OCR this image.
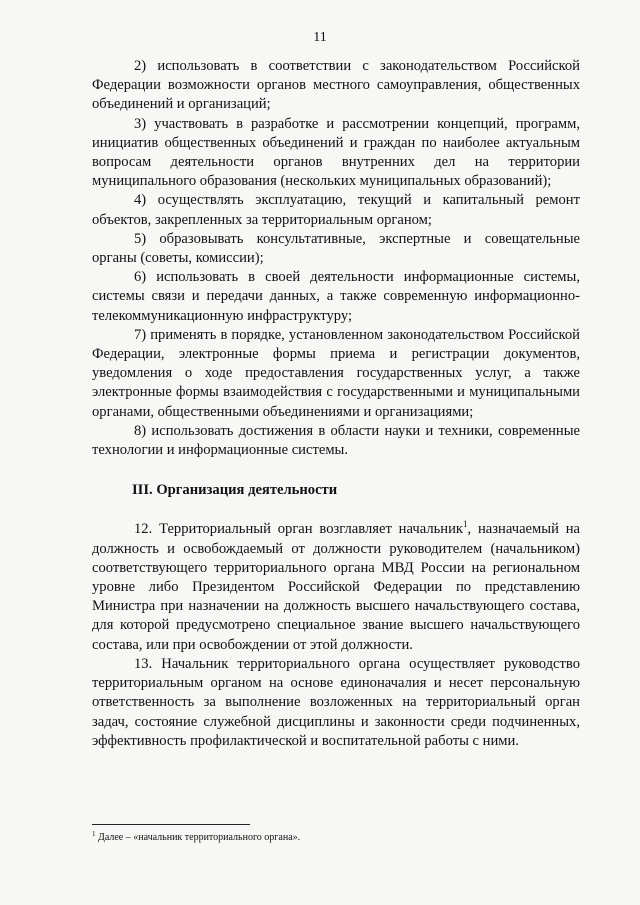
11

2) использовать в соответствии с законодательством Российской Федерации возможности органов местного самоуправления, общественных объединений и организаций;

3) участвовать в разработке и рассмотрении концепций, программ, инициатив общественных объединений и граждан по наиболее актуальным вопросам деятельности органов внутренних дел на территории муниципального образования (нескольких муниципальных образований);

4) осуществлять эксплуатацию, текущий и капитальный ремонт объектов, закрепленных за территориальным органом;

5) образовывать консультативные, экспертные и совещательные органы (советы, комиссии);

6) использовать в своей деятельности информационные системы, системы связи и передачи данных, а также современную информационно-телекоммуникационную инфраструктуру;

7) применять в порядке, установленном законодательством Российской Федерации, электронные формы приема и регистрации документов, уведомления о ходе предоставления государственных услуг, а также электронные формы взаимодействия с государственными и муниципальными органами, общественными объединениями и организациями;

8) использовать достижения в области науки и техники, современные технологии и информационные системы.

III. Организация деятельности

12. Территориальный орган возглавляет начальник$^1$, назначаемый на должность и освобождаемый от должности руководителем (начальником) соответствующего территориального органа МВД России на региональном уровне либо Президентом Российской Федерации по представлению Министра при назначении на должность высшего начальствующего состава, для которой предусмотрено специальное звание высшего начальствующего состава, или при освобождении от этой должности.

13. Начальник территориального органа осуществляет руководство территориальным органом на основе единоначалия и несет персональную ответственность за выполнение возложенных на территориальный орган задач, состояние служебной дисциплины и законности среди подчиненных, эффективность профилактической и воспитательной работы с ними.

$^1$ Далее – «начальник территориального органа».
